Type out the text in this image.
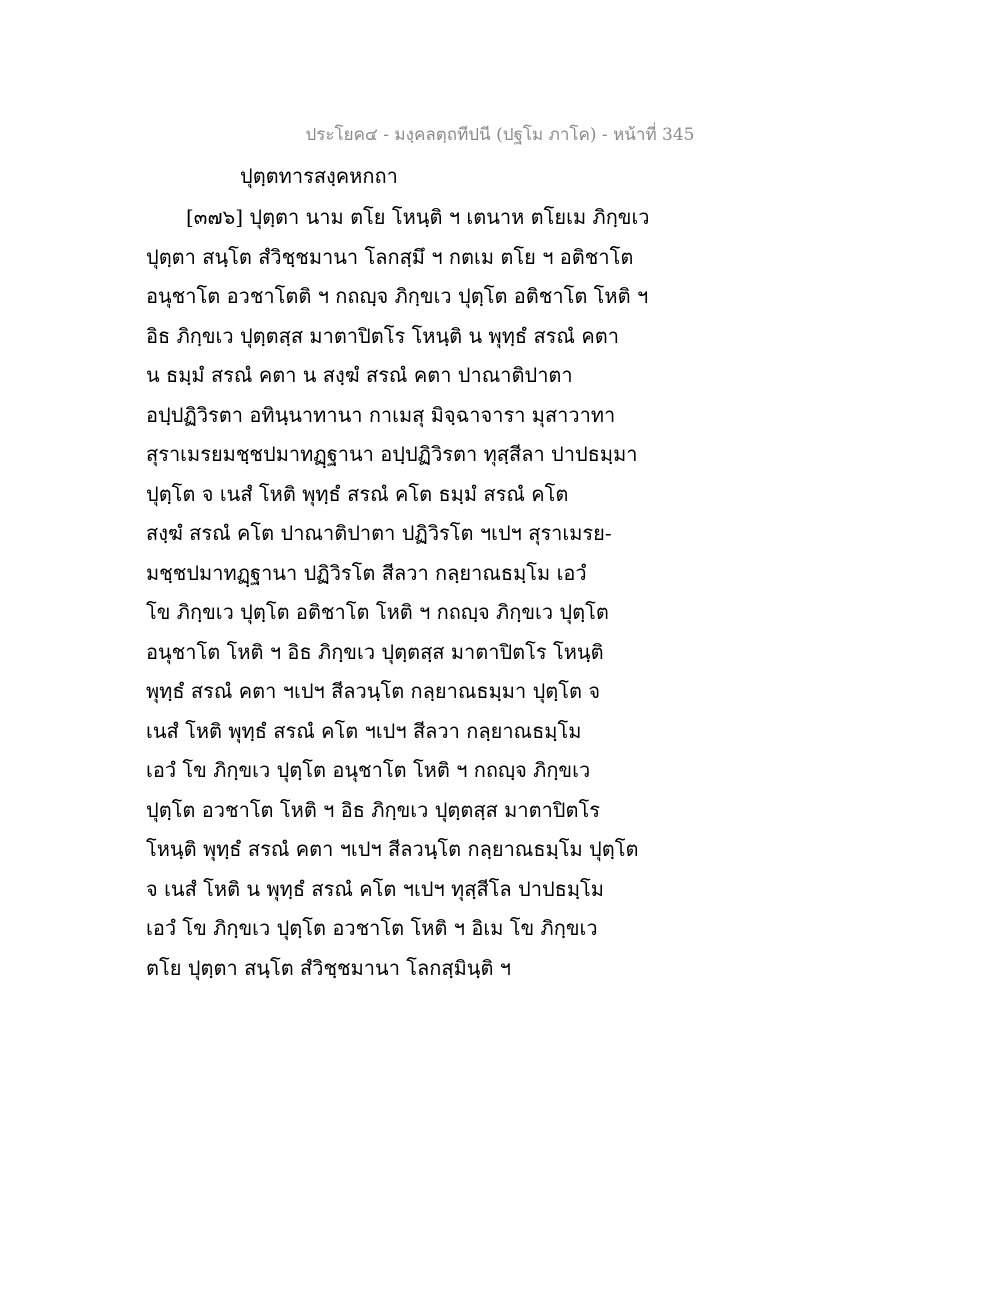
ประโยค๔ - มงฺคลตฺถทีปนี (ปฐโม ภาโค) - หน้าที่ 345
ปุตฺตทารสงฺคหกถา
[๓๗๖] ปุตฺตา นาม ตโย โหนฺติ ฯ เตนาห ตโยเม ภิกฺขเว
ปุตฺตา สนฺโต สํวิชฺชมานา โลกสฺมึ ฯ กตเม ตโย ฯ อติชาโต
อนุชาโต อวชาโตติ ฯ กถญฺจ ภิกฺขเว ปุตฺโต อติชาโต โหติ ฯ
อิธ ภิกฺขเว ปุตฺตสฺส มาตาปิตโร โหนฺติ น พุทฺธํ สรณํ คตา
น ธมฺมํ สรณํ คตา น สงฺฆํ สรณํ คตา ปาณาติปาตา
อปฺปฏิวิรตา อทินฺนาทานา กาเมสุ มิจฺฉาจารา มุสาวาทา
สุราเมรยมชฺชปมาทฏฺฐานา อปฺปฏิวิรตา ทุสฺสีลา ปาปธมฺมา
ปุตฺโต จ เนสํ โหติ พุทฺธํ สรณํ คโต ธมฺมํ สรณํ คโต
สงฺฆํ สรณํ คโต ปาณาติปาตา ปฏิวิรโต ฯเปฯ สุราเมรย-
มชฺชปมาทฏฺฐานา ปฏิวิรโต สีลวา กลฺยาณธมฺโม เอวํ
โข ภิกฺขเว ปุตฺโต อติชาโต โหติ ฯ กถญฺจ ภิกฺขเว ปุตฺโต
อนุชาโต โหติ ฯ อิธ ภิกฺขเว ปุตฺตสฺส มาตาปิตโร โหนฺติ
พุทฺธํ สรณํ คตา ฯเปฯ สีลวนฺโต กลฺยาณธมฺมา ปุตฺโต จ
เนสํ โหติ พุทฺธํ สรณํ คโต ฯเปฯ สีลวา กลฺยาณธมฺโม
เอวํ โข ภิกฺขเว ปุตฺโต อนุชาโต โหติ ฯ กถญฺจ ภิกฺขเว
ปุตฺโต อวชาโต โหติ ฯ อิธ ภิกฺขเว ปุตฺตสฺส มาตาปิตโร
โหนฺติ พุทฺธํ สรณํ คตา ฯเปฯ สีลวนฺโต กลฺยาณธมฺโม ปุตฺโต
จ เนสํ โหติ น พุทฺธํ สรณํ คโต ฯเปฯ ทุสฺสีโล ปาปธมฺโม
เอวํ โข ภิกฺขเว ปุตฺโต อวชาโต โหติ ฯ อิเม โข ภิกฺขเว
ตโย ปุตฺตา สนฺโต สํวิชฺชมานา โลกสฺมินฺติ ฯ
